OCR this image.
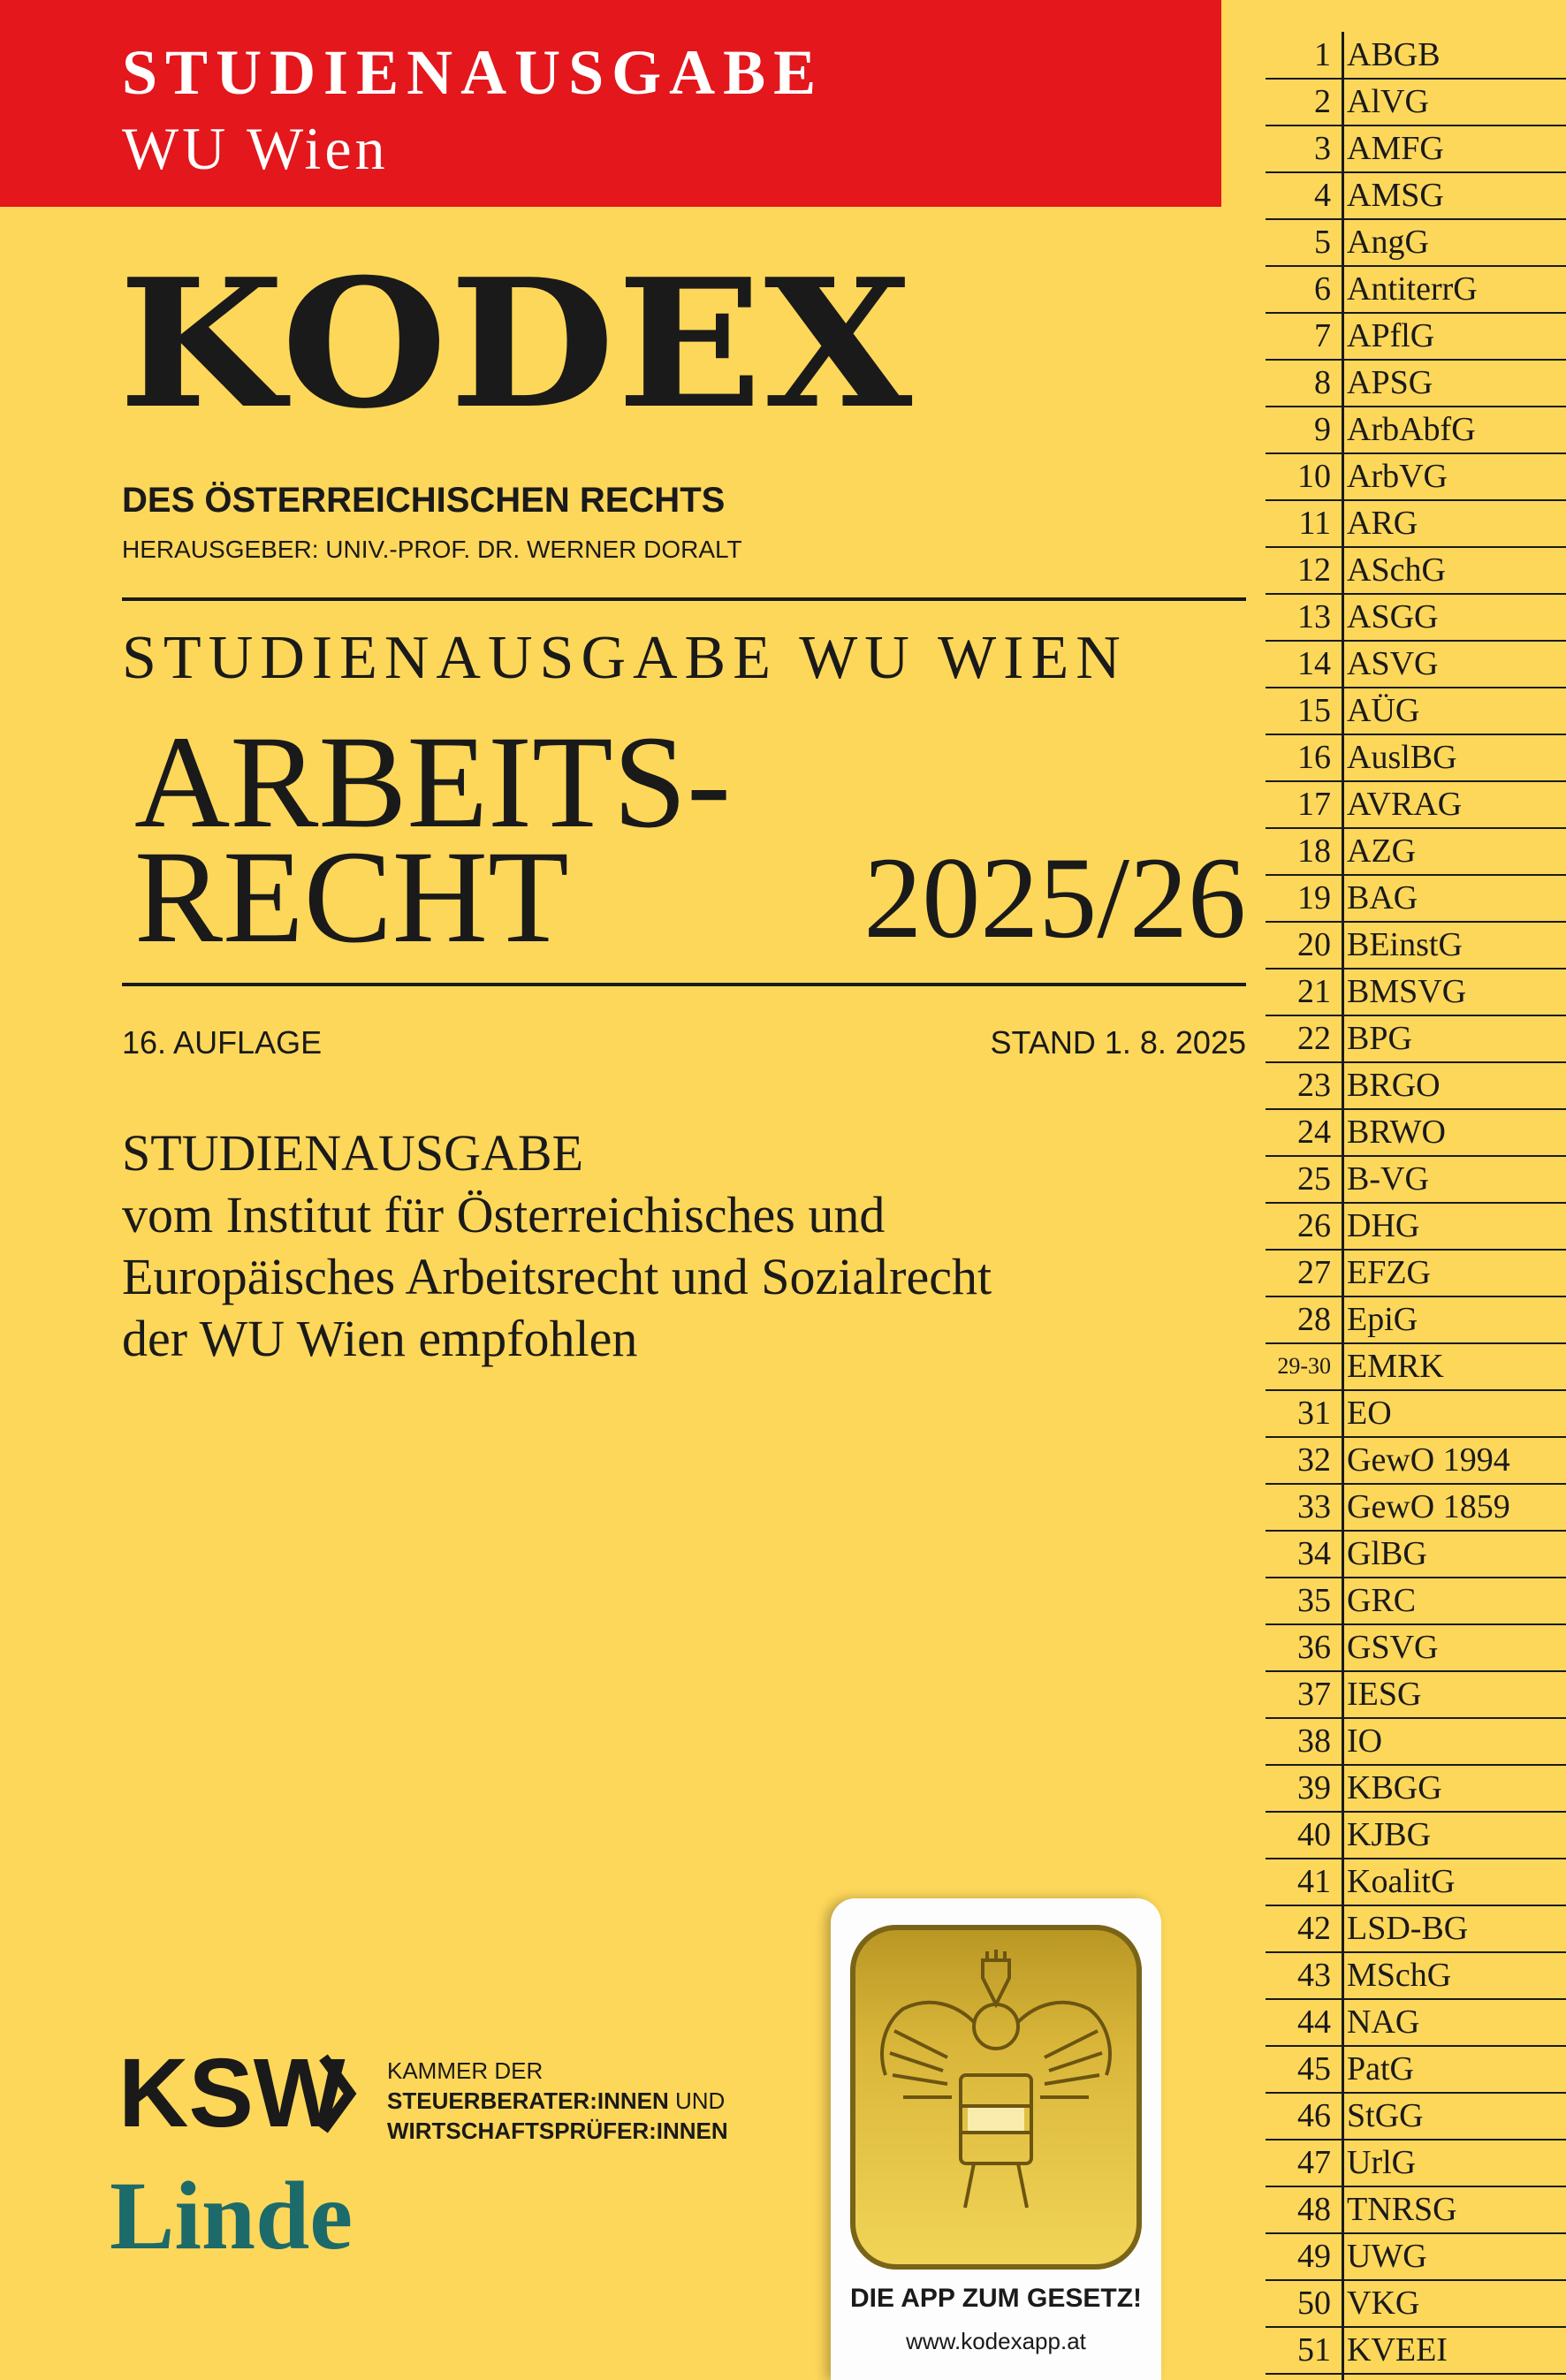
STUDIENAUSGABE
WU Wien
KODEX
DES ÖSTERREICHISCHEN RECHTS
HERAUSGEBER: UNIV.-PROF. DR. WERNER DORALT
STUDIENAUSGABE WU WIEN
ARBEITS-
RECHT	2025/26
16. AUFLAGE	STAND 1. 8. 2025
STUDIENAUSGABE
vom Institut für Österreichisches und
Europäisches Arbeitsrecht und Sozialrecht
der WU Wien empfohlen
1 ABGB
2 AlVG
3 AMFG
4 AMSG
5 AngG
6 AntiterrG
7 APflG
8 APSG
9 ArbAbfG
10 ArbVG
11 ARG
12 ASchG
13 ASGG
14 ASVG
15 AÜG
16 AuslBG
17 AVRAG
18 AZG
19 BAG
20 BEinstG
21 BMSVG
22 BPG
23 BRGO
24 BRWO
25 B-VG
26 DHG
27 EFZG
28 EpiG
29-30 EMRK
31 EO
32 GewO 1994
33 GewO 1859
34 GlBG
35 GRC
36 GSVG
37 IESG
38 IO
39 KBGG
40 KJBG
41 KoalitG
42 LSD-BG
43 MSchG
44 NAG
45 PatG
46 StGG
47 UrlG
48 TNRSG
49 UWG
50 VKG
51 KVEEI
KSW KAMMER DER
STEUERBERATER:INNEN UND
WIRTSCHAFTSPRÜFER:INNEN
Linde
DIE APP ZUM GESETZ!
www.kodexapp.at
